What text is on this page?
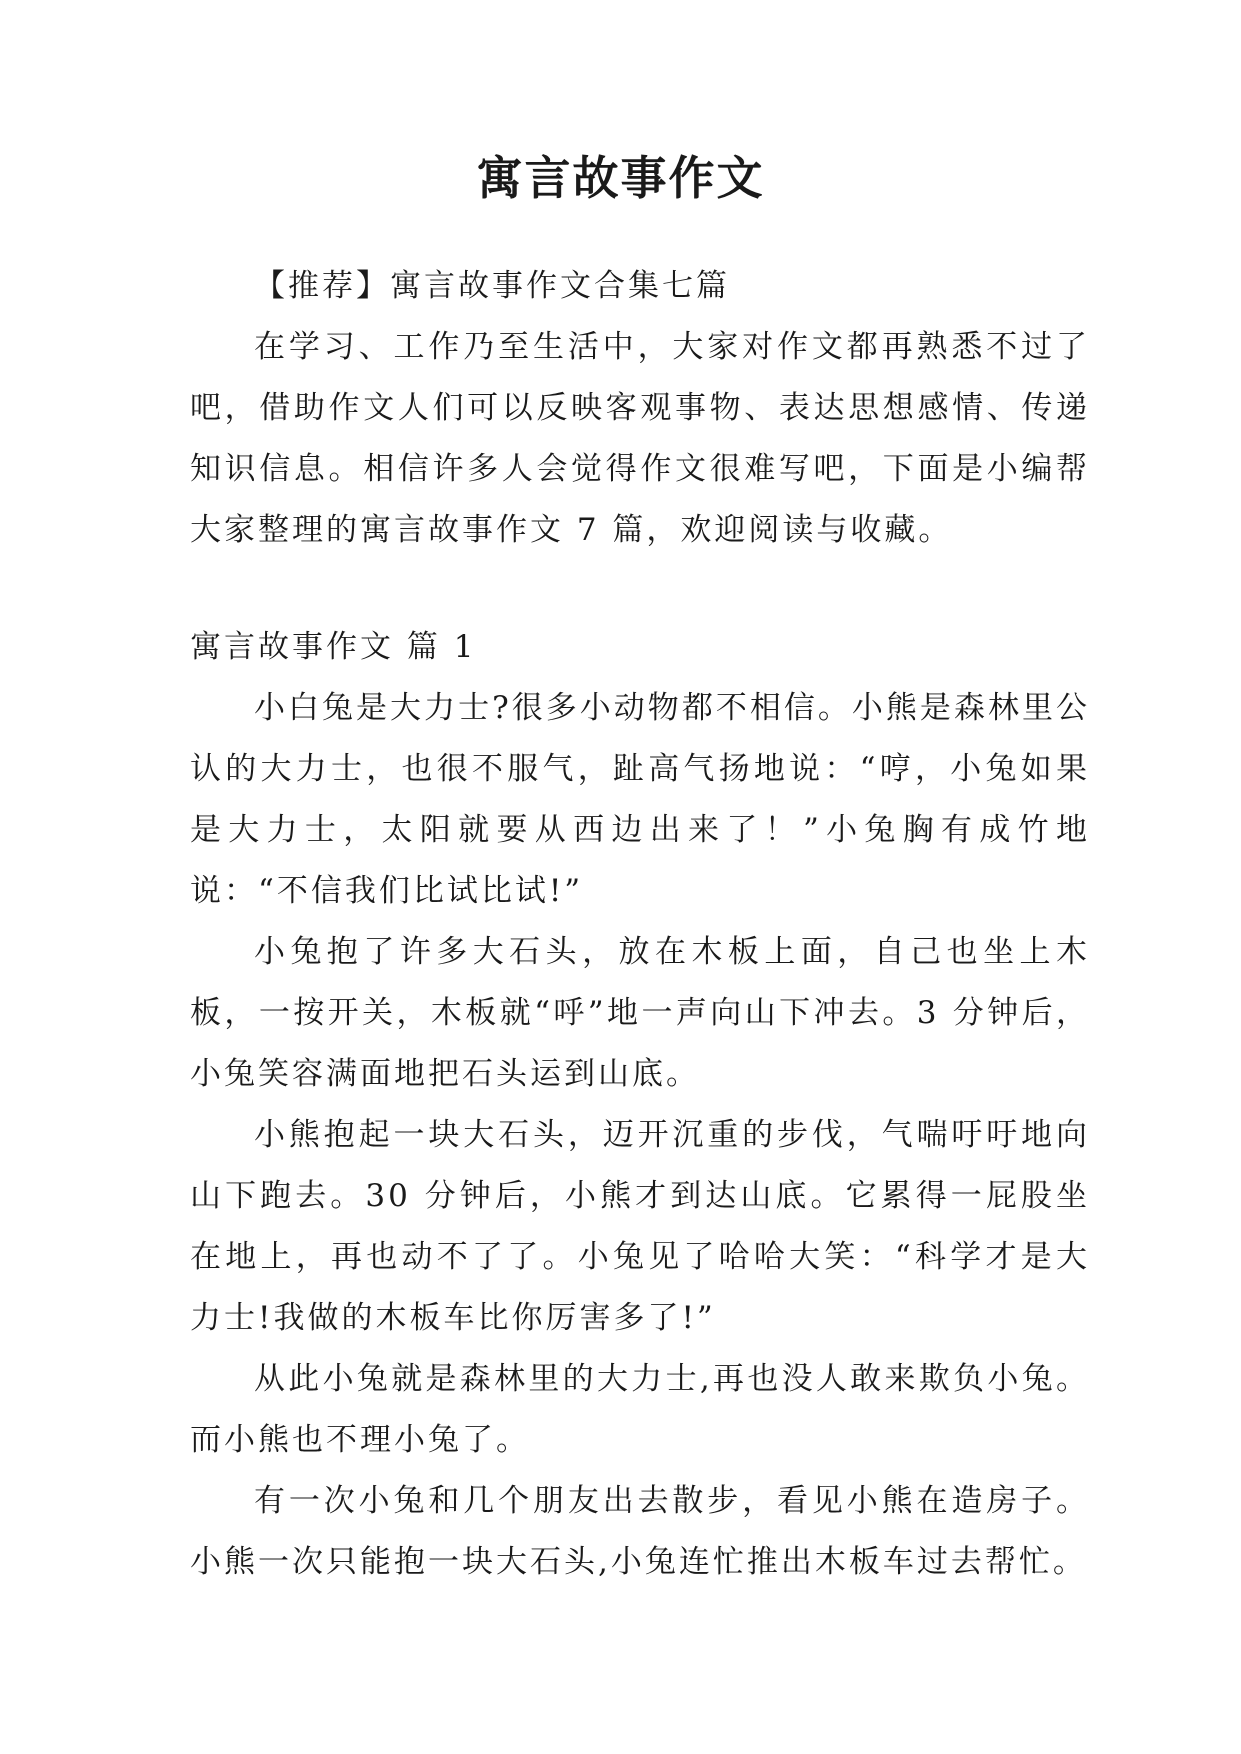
寓言故事作文

【推荐】寓言故事作文合集七篇

在学习、工作乃至生活中，大家对作文都再熟悉不过了吧，借助作文人们可以反映客观事物、表达思想感情、传递知识信息。相信许多人会觉得作文很难写吧，下面是小编帮大家整理的寓言故事作文 7 篇，欢迎阅读与收藏。

寓言故事作文 篇 1

小白兔是大力士?很多小动物都不相信。小熊是森林里公认的大力士，也很不服气，趾高气扬地说：“哼，小兔如果是大力士，太阳就要从西边出来了！”小兔胸有成竹地说：“不信我们比试比试!”

小兔抱了许多大石头，放在木板上面，自己也坐上木板，一按开关，木板就“呼”地一声向山下冲去。3 分钟后，小兔笑容满面地把石头运到山底。

小熊抱起一块大石头，迈开沉重的步伐，气喘吁吁地向山下跑去。30 分钟后，小熊才到达山底。它累得一屁股坐在地上，再也动不了了。小兔见了哈哈大笑：“科学才是大力士!我做的木板车比你厉害多了!”

从此小兔就是森林里的大力士,再也没人敢来欺负小兔。而小熊也不理小兔了。

有一次小兔和几个朋友出去散步，看见小熊在造房子。小熊一次只能抱一块大石头,小兔连忙推出木板车过去帮忙。
